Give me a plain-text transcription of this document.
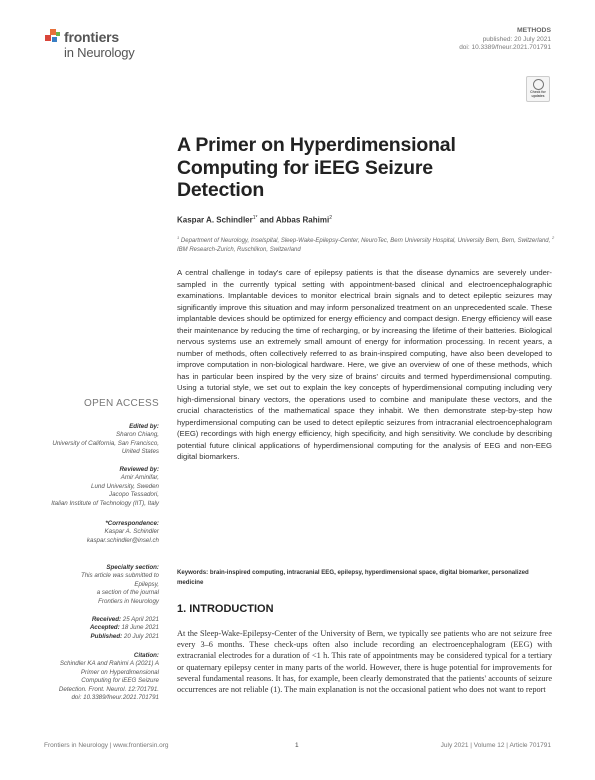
frontiers
in Neurology
METHODS
published: 20 July 2021
doi: 10.3389/fneur.2021.701791
Check for
updates
A Primer on Hyperdimensional Computing for iEEG Seizure Detection
Kaspar A. Schindler$^{1*}$ and Abbas Rahimi$^2$
$^1$ Department of Neurology, Inselspital, Sleep-Wake-Epilepsy-Center, NeuroTec, Bern University Hospital, University Bern, Bern, Switzerland, $^2$ IBM Research-Zurich, Ruschlikon, Switzerland
A central challenge in today's care of epilepsy patients is that the disease dynamics are severely under-sampled in the currently typical setting with appointment-based clinical and electroencephalographic examinations. Implantable devices to monitor electrical brain signals and to detect epileptic seizures may significantly improve this situation and may inform personalized treatment on an unprecedented scale. These implantable devices should be optimized for energy efficiency and compact design. Energy efficiency will ease their maintenance by reducing the time of recharging, or by increasing the lifetime of their batteries. Biological nervous systems use an extremely small amount of energy for information processing. In recent years, a number of methods, often collectively referred to as brain-inspired computing, have also been developed to improve computation in non-biological hardware. Here, we give an overview of one of these methods, which has in particular been inspired by the very size of brains' circuits and termed hyperdimensional computing. Using a tutorial style, we set out to explain the key concepts of hyperdimensional computing including very high-dimensional binary vectors, the operations used to combine and manipulate these vectors, and the crucial characteristics of the mathematical space they inhabit. We then demonstrate step-by-step how hyperdimensional computing can be used to detect epileptic seizures from intracranial electroencephalogram (EEG) recordings with high energy efficiency, high specificity, and high sensitivity. We conclude by describing potential future clinical applications of hyperdimensional computing for the analysis of EEG and non-EEG digital biomarkers.
Keywords: brain-inspired computing, intracranial EEG, epilepsy, hyperdimensional space, digital biomarker, personalized medicine
OPEN ACCESS
Edited by:
Sharon Chiang,
University of California, San Francisco,
United States
Reviewed by:
Amir Aminifar,
Lund University, Sweden
Jacopo Tessadori,
Italian Institute of Technology (IIT), Italy
*Correspondence:
Kaspar A. Schindler
kaspar.schindler@insel.ch
Specialty section:
This article was submitted to
Epilepsy,
a section of the journal
Frontiers in Neurology
Received: 25 April 2021
Accepted: 18 June 2021
Published: 20 July 2021
Citation:
Schindler KA and Rahimi A (2021) A
Primer on Hyperdimensional
Computing for iEEG Seizure
Detection. Front. Neurol. 12:701791.
doi: 10.3389/fneur.2021.701791
1. INTRODUCTION
At the Sleep-Wake-Epilepsy-Center of the University of Bern, we typically see patients who are not seizure free every 3–6 months. These check-ups often also include recording an electroencephalogram (EEG) with extracranial electrodes for a duration of <1 h. This rate of appointments may be considered typical for a tertiary or quaternary epilepsy center in many parts of the world. However, there is huge potential for improvements for several fundamental reasons. It has, for example, been clearly demonstrated that the patients' accounts of seizure occurrences are not reliable (1). The main explanation is not the occasional patient who does not want to report
Frontiers in Neurology | www.frontiersin.org	1	July 2021 | Volume 12 | Article 701791
